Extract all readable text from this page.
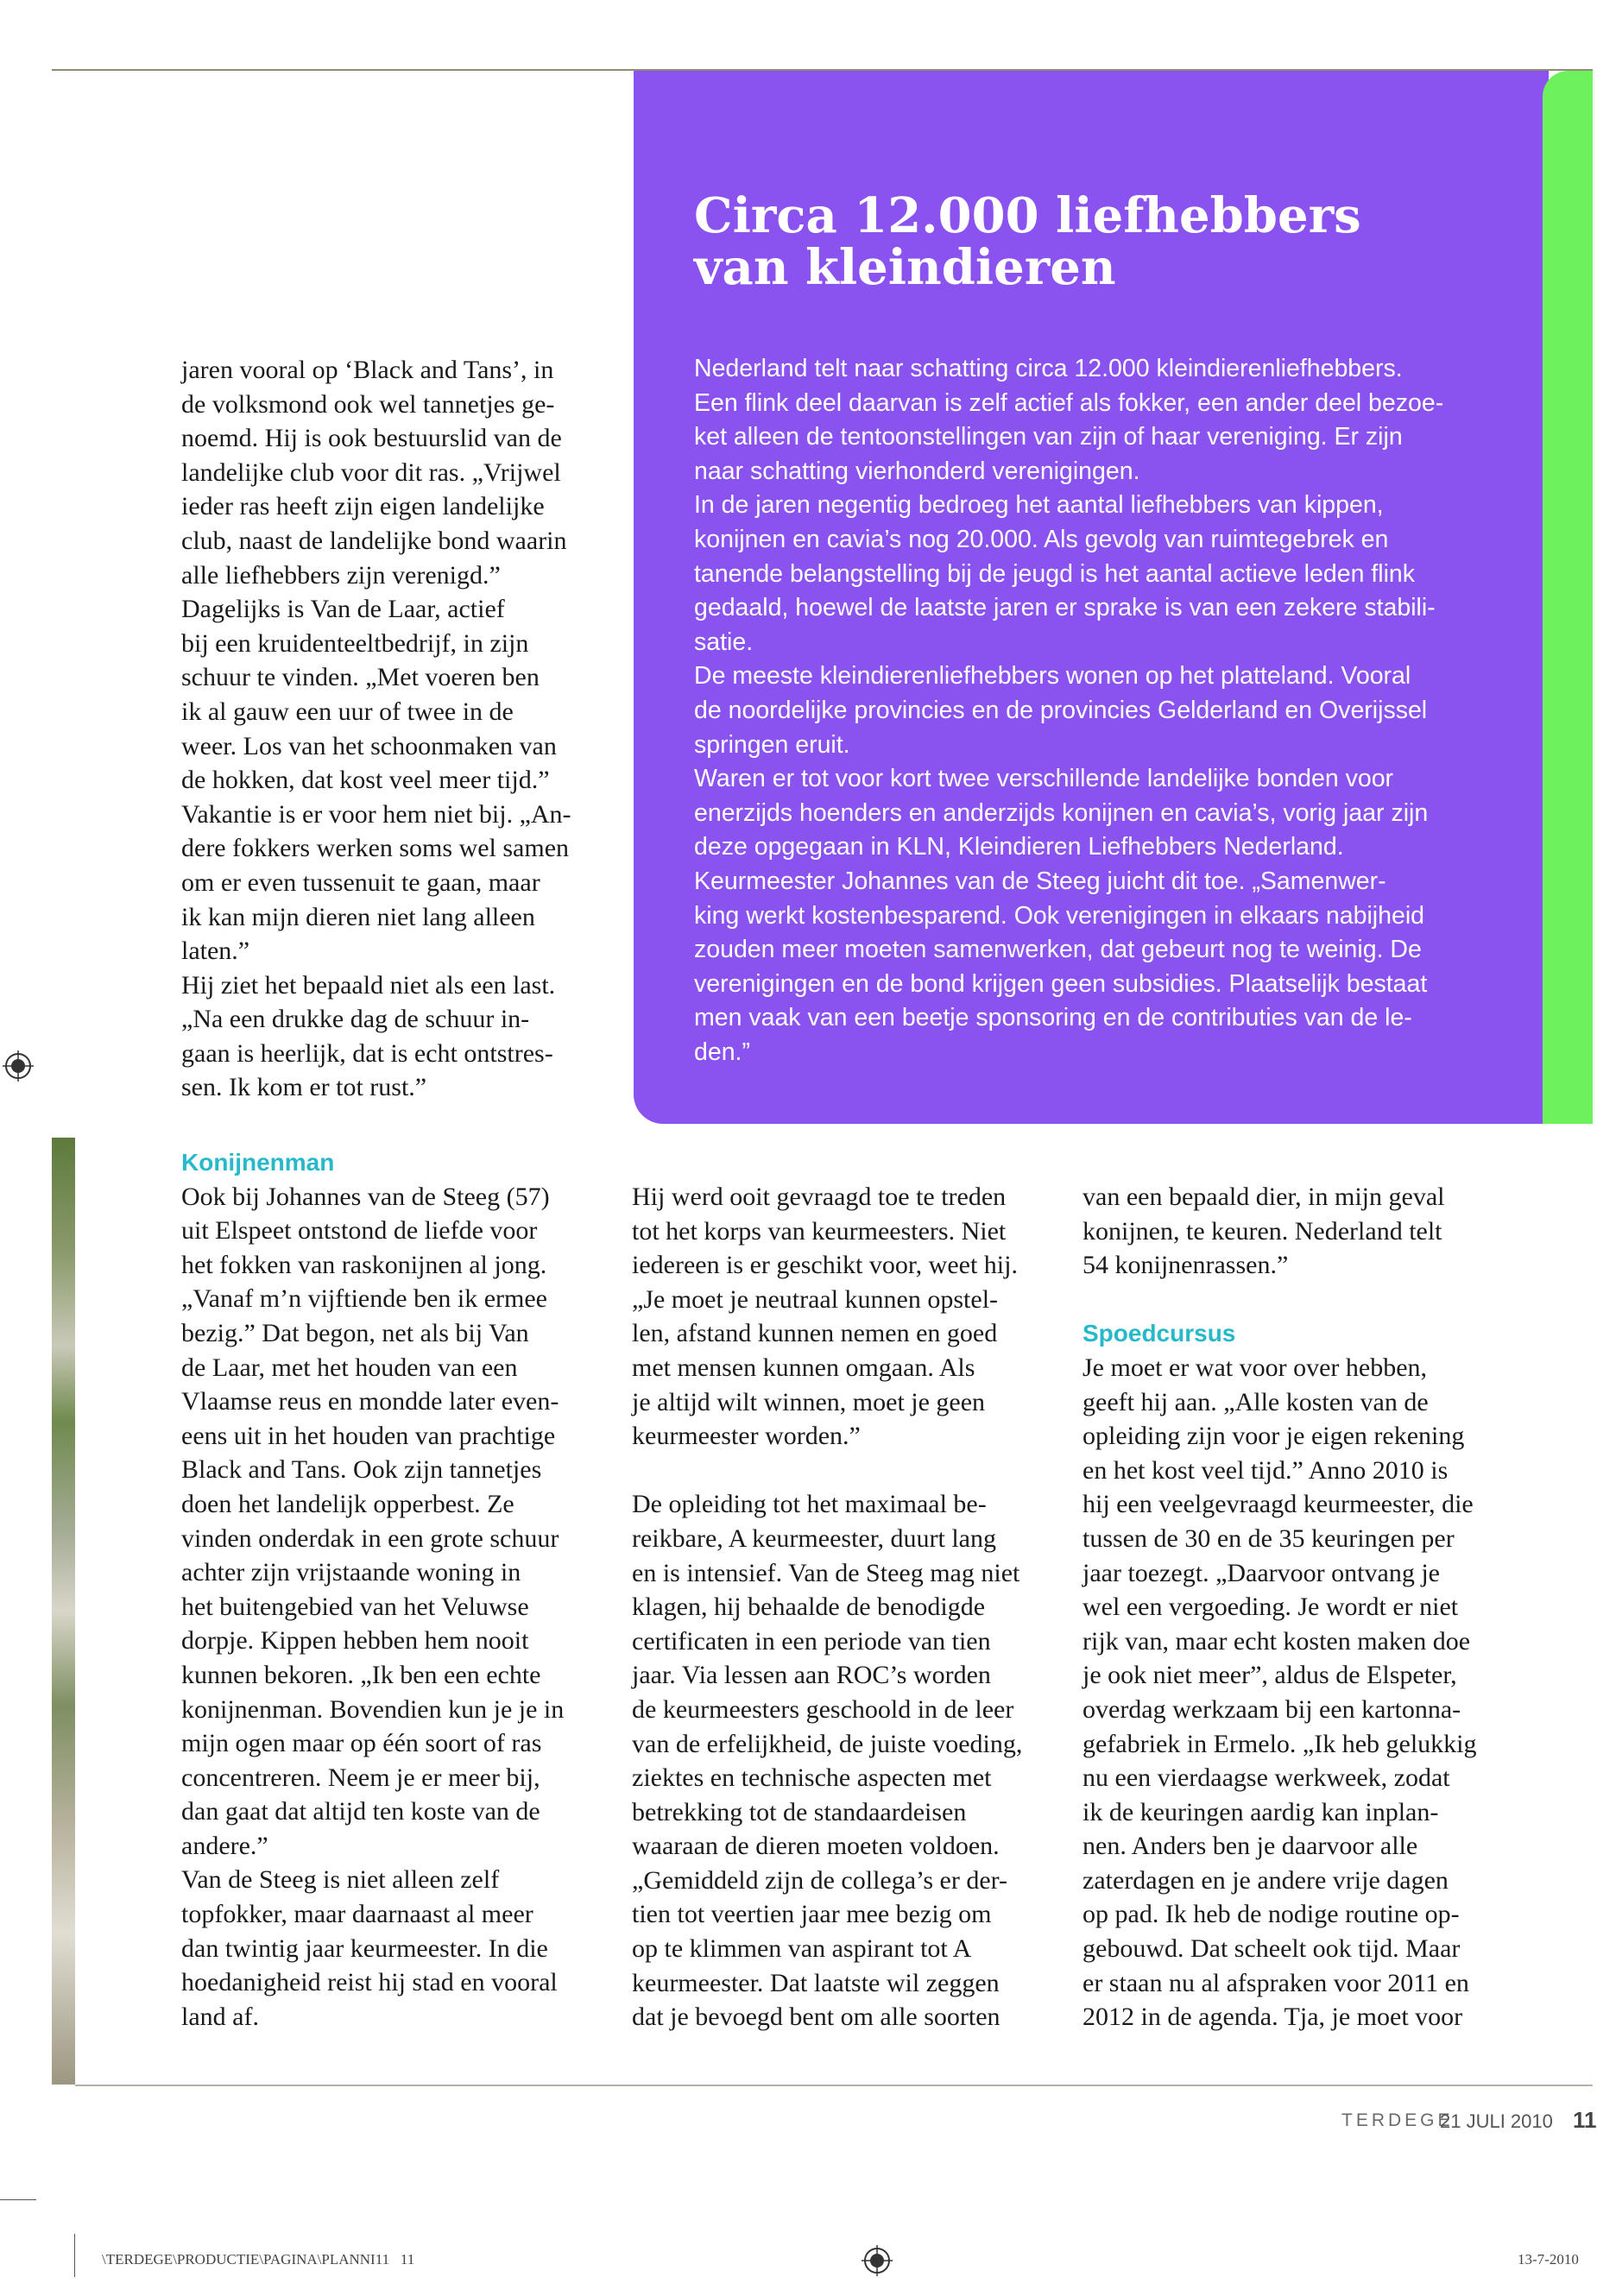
Circa 12.000 liefhebbers
van kleindieren

Nederland telt naar schatting circa 12.000 kleindierenliefhebbers.

Een flink deel daarvan is zelf actief als fokker, een ander deel bezoe-

ket alleen de tentoonstellingen van zijn of haar vereniging. Er zijn

naar schatting vierhonderd verenigingen.

In de jaren negentig bedroeg het aantal liefhebbers van kippen,

konijnen en cavia’s nog 20.000. Als gevolg van ruimtegebrek en

tanende belangstelling bij de jeugd is het aantal actieve leden flink

gedaald, hoewel de laatste jaren er sprake is van een zekere stabili-

satie.

De meeste kleindierenliefhebbers wonen op het platteland. Vooral

de noordelijke provincies en de provincies Gelderland en Overijssel

springen eruit.

Waren er tot voor kort twee verschillende landelijke bonden voor

enerzijds hoenders en anderzijds konijnen en cavia’s, vorig jaar zijn

deze opgegaan in KLN, Kleindieren Liefhebbers Nederland.

Keurmeester Johannes van de Steeg juicht dit toe. „Samenwer-

king werkt kostenbesparend. Ook verenigingen in elkaars nabijheid

zouden meer moeten samenwerken, dat gebeurt nog te weinig. De

verenigingen en de bond krijgen geen subsidies. Plaatselijk bestaat

men vaak van een beetje sponsoring en de contributies van de le-

den.”

jaren vooral op ‘Black and Tans’, in

de volksmond ook wel tannetjes ge-

noemd. Hij is ook bestuurslid van de

landelijke club voor dit ras. „Vrijwel

ieder ras heeft zijn eigen landelijke

club, naast de landelijke bond waarin

alle liefhebbers zijn verenigd.”

Dagelijks is Van de Laar, actief

bij een kruidenteeltbedrijf, in zijn

schuur te vinden. „Met voeren ben

ik al gauw een uur of twee in de

weer. Los van het schoonmaken van

de hokken, dat kost veel meer tijd.”

Vakantie is er voor hem niet bij. „An-

dere fokkers werken soms wel samen

om er even tussenuit te gaan, maar

ik kan mijn dieren niet lang alleen

laten.”

Hij ziet het bepaald niet als een last.

„Na een drukke dag de schuur in-

gaan is heerlijk, dat is echt ontstres-

sen. Ik kom er tot rust.”

Konijnenman

Ook bij Johannes van de Steeg (57)

uit Elspeet ontstond de liefde voor

het fokken van raskonijnen al jong.

„Vanaf m’n vijftiende ben ik ermee

bezig.” Dat begon, net als bij Van

de Laar, met het houden van een

Vlaamse reus en mondde later even-

eens uit in het houden van prachtige

Black and Tans. Ook zijn tannetjes

doen het landelijk opperbest. Ze

vinden onderdak in een grote schuur

achter zijn vrijstaande woning in

het buitengebied van het Veluwse

dorpje. Kippen hebben hem nooit

kunnen bekoren. „Ik ben een echte

konijnenman. Bovendien kun je je in

mijn ogen maar op één soort of ras

concentreren. Neem je er meer bij,

dan gaat dat altijd ten koste van de

andere.”

Van de Steeg is niet alleen zelf

topfokker, maar daarnaast al meer

dan twintig jaar keurmeester. In die

hoedanigheid reist hij stad en vooral

land af.

Hij werd ooit gevraagd toe te treden

tot het korps van keurmeesters. Niet

iedereen is er geschikt voor, weet hij.

„Je moet je neutraal kunnen opstel-

len, afstand kunnen nemen en goed

met mensen kunnen omgaan. Als

je altijd wilt winnen, moet je geen

keurmeester worden.”

De opleiding tot het maximaal be-

reikbare, A keurmeester, duurt lang

en is intensief. Van de Steeg mag niet

klagen, hij behaalde de benodigde

certificaten in een periode van tien

jaar. Via lessen aan ROC’s worden

de keurmeesters geschoold in de leer

van de erfelijkheid, de juiste voeding,

ziektes en technische aspecten met

betrekking tot de standaardeisen

waaraan de dieren moeten voldoen.

„Gemiddeld zijn de collega’s er der-

tien tot veertien jaar mee bezig om

op te klimmen van aspirant tot A

keurmeester. Dat laatste wil zeggen

dat je bevoegd bent om alle soorten

van een bepaald dier, in mijn geval

konijnen, te keuren. Nederland telt

54 konijnenrassen.”

Spoedcursus

Je moet er wat voor over hebben,

geeft hij aan. „Alle kosten van de

opleiding zijn voor je eigen rekening

en het kost veel tijd.” Anno 2010 is

hij een veelgevraagd keurmeester, die

tussen de 30 en de 35 keuringen per

jaar toezegt. „Daarvoor ontvang je

wel een vergoeding. Je wordt er niet

rijk van, maar echt kosten maken doe

je ook niet meer”, aldus de Elspeter,

overdag werkzaam bij een kartonna-

gefabriek in Ermelo. „Ik heb gelukkig

nu een vierdaagse werkweek, zodat

ik de keuringen aardig kan inplan-

nen. Anders ben je daarvoor alle

zaterdagen en je andere vrije dagen

op pad. Ik heb de nodige routine op-

gebouwd. Dat scheelt ook tijd. Maar

er staan nu al afspraken voor 2011 en

2012 in de agenda. Tja, je moet voor

TERDEGE
21 JULI 2010 11
\TERDEGE\PRODUCTIE\PAGINA\PLANNI11 11	13-7-2010
